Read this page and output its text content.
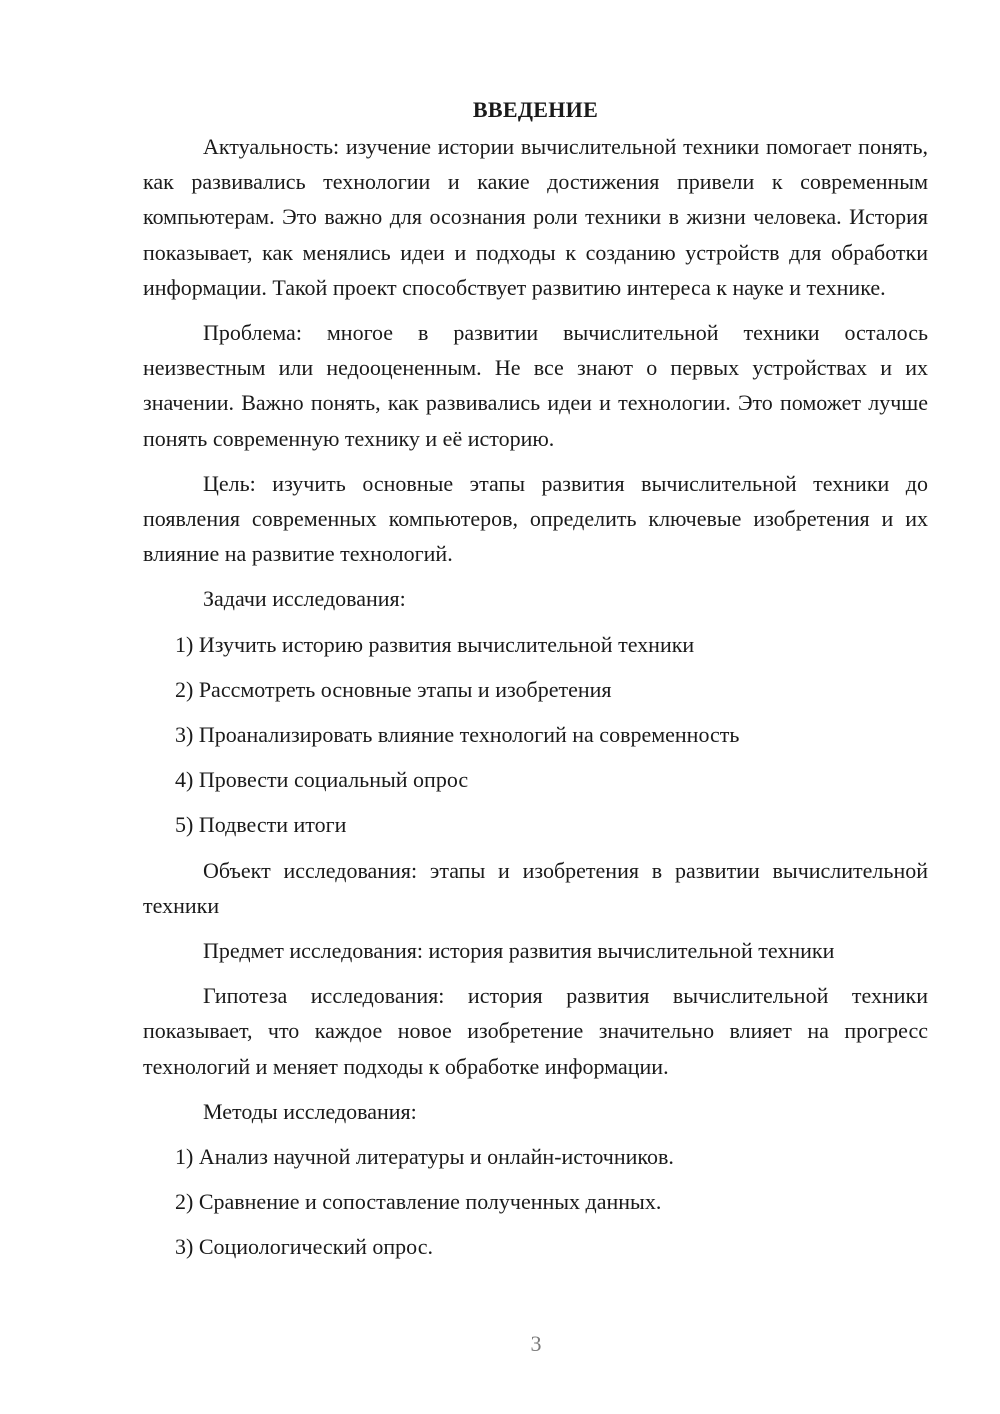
ВВЕДЕНИЕ

Актуальность: изучение истории вычислительной техники помогает понять, как развивались технологии и какие достижения привели к современным компьютерам. Это важно для осознания роли техники в жизни человека. История показывает, как менялись идеи и подходы к созданию устройств для обработки информации. Такой проект способствует развитию интереса к науке и технике.

Проблема: многое в развитии вычислительной техники осталось неизвестным или недооцененным. Не все знают о первых устройствах и их значении. Важно понять, как развивались идеи и технологии. Это поможет лучше понять современную технику и её историю.

Цель: изучить основные этапы развития вычислительной техники до появления современных компьютеров, определить ключевые изобретения и их влияние на развитие технологий.

Задачи исследования:

1) Изучить историю развития вычислительной техники
2) Рассмотреть основные этапы и изобретения
3) Проанализировать влияние технологий на современность
4) Провести социальный опрос
5) Подвести итоги

Объект исследования: этапы и изобретения в развитии вычислительной техники

Предмет исследования: история развития вычислительной техники

Гипотеза исследования: история развития вычислительной техники показывает, что каждое новое изобретение значительно влияет на прогресс технологий и меняет подходы к обработке информации.

Методы исследования:

1) Анализ научной литературы и онлайн-источников.
2) Сравнение и сопоставление полученных данных.
3) Социологический опрос.
3
